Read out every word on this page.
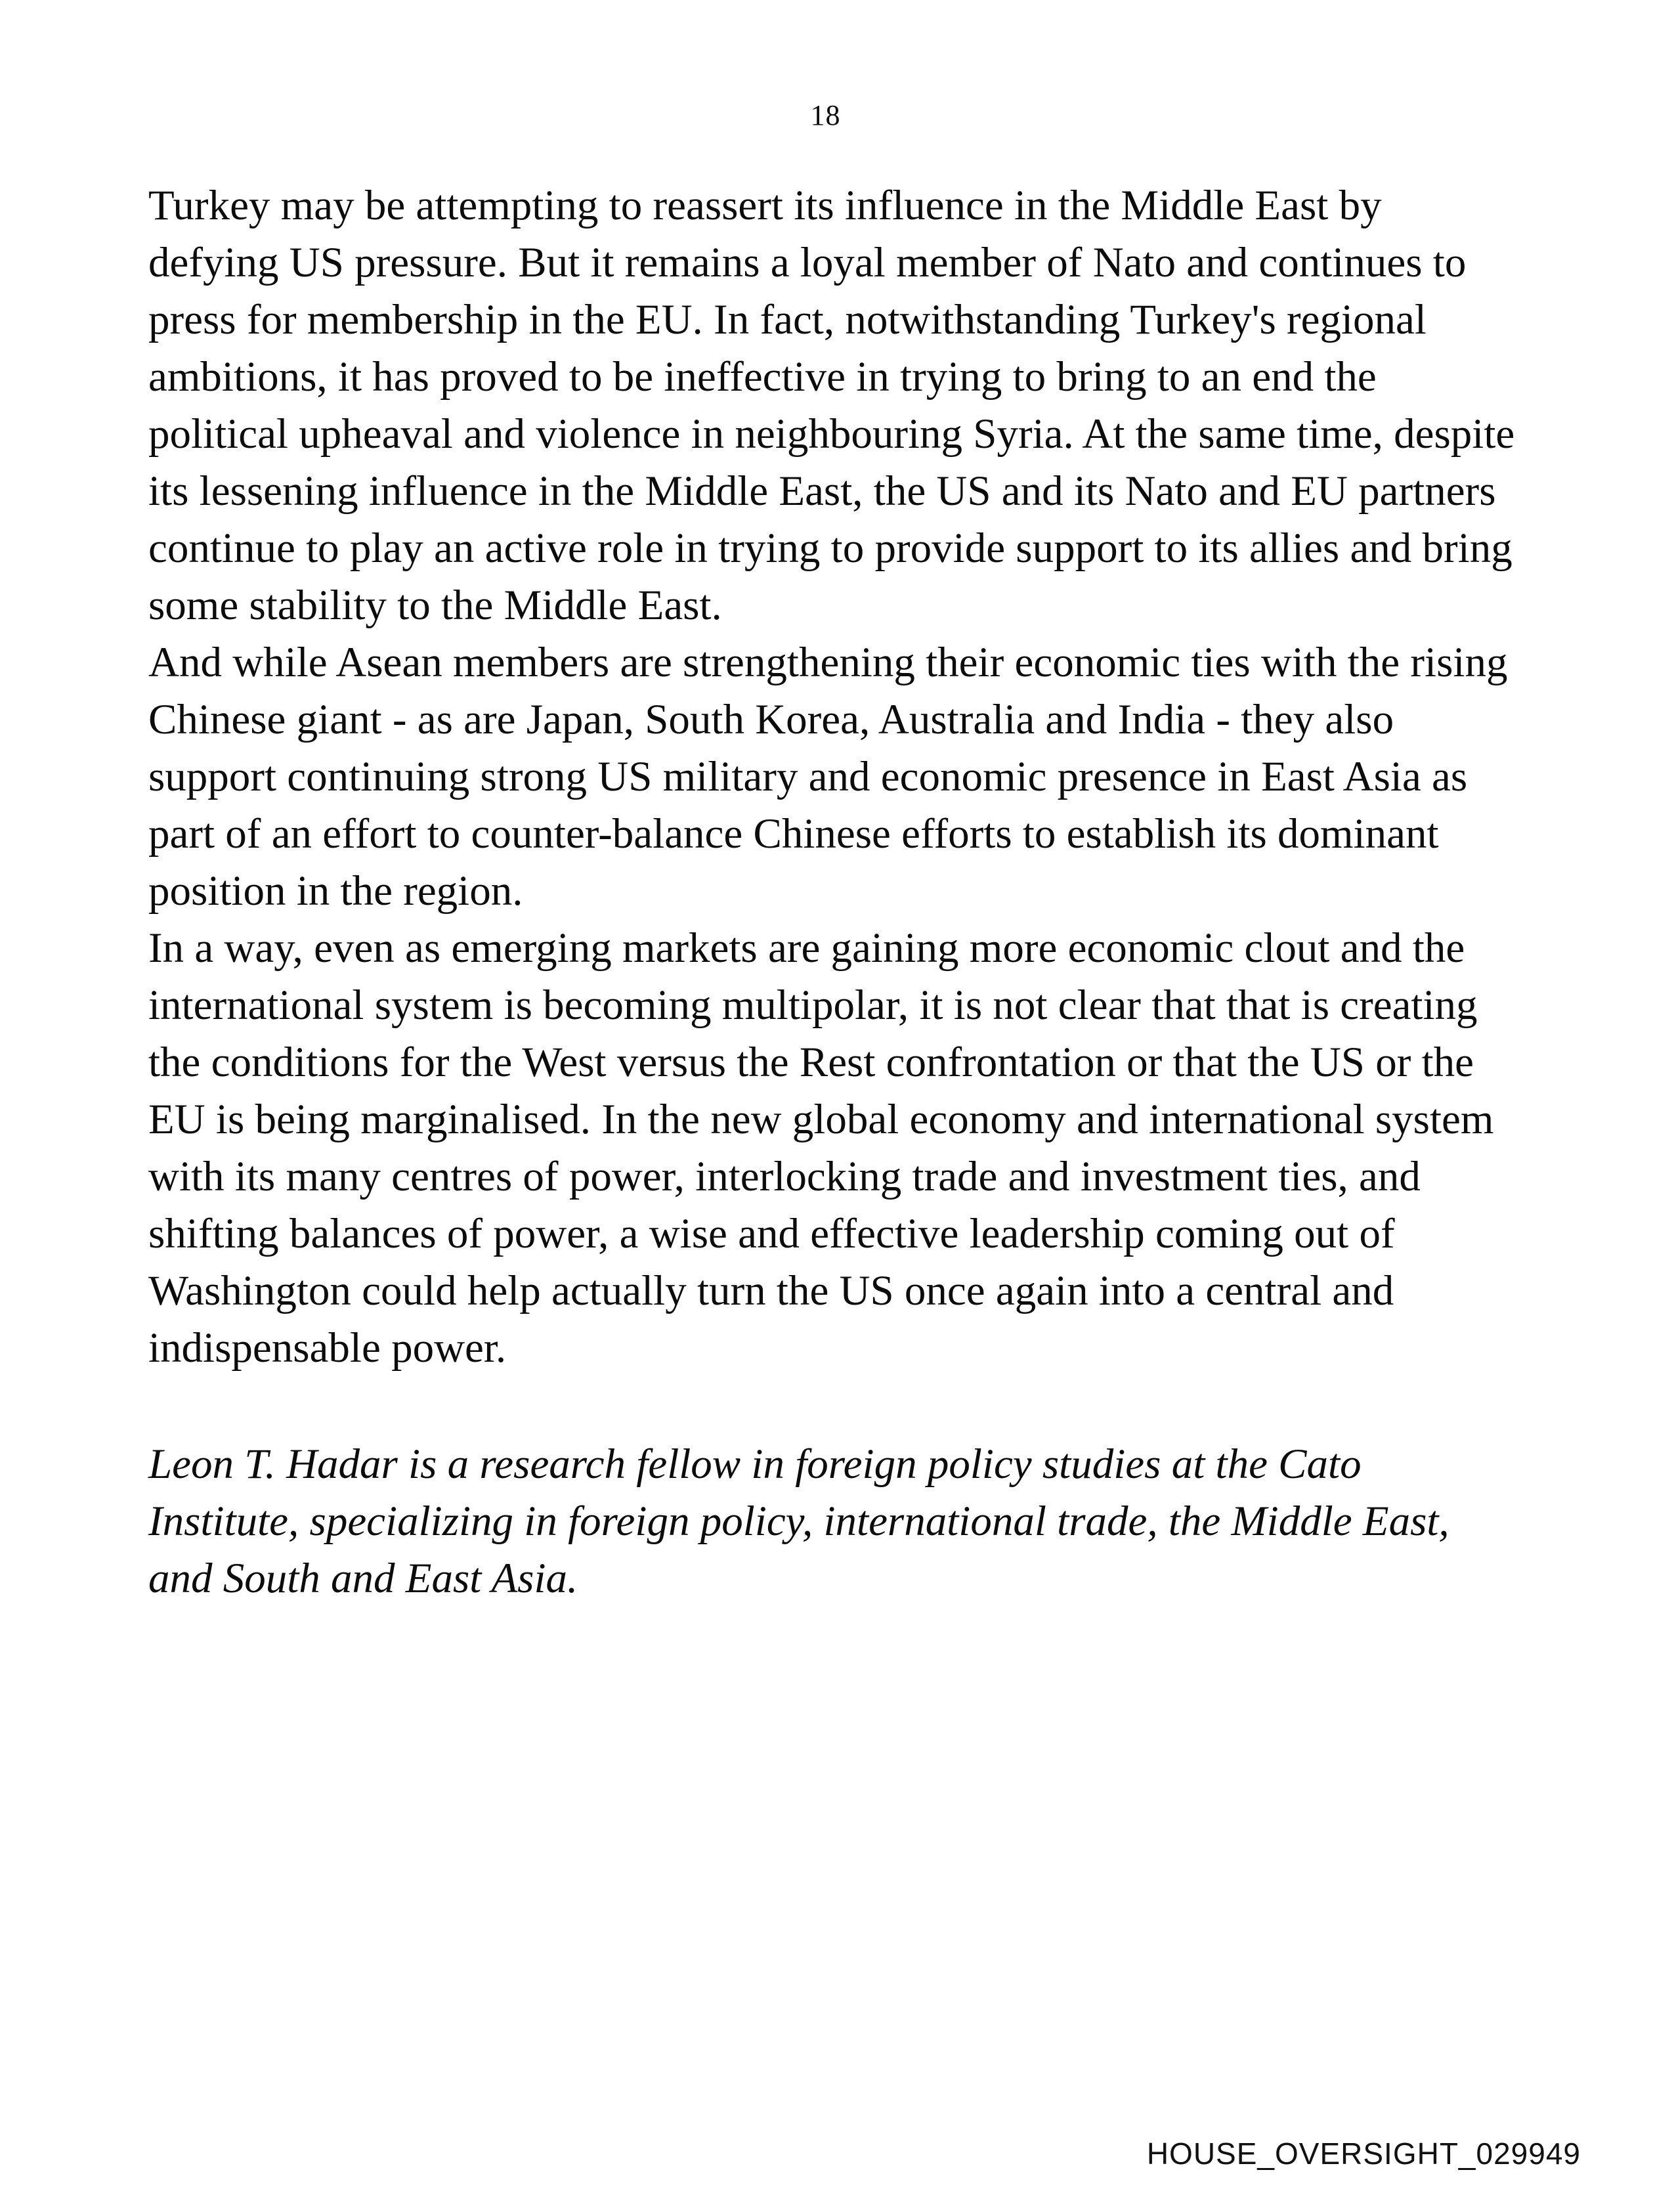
18

Turkey may be attempting to reassert its influence in the Middle East by defying US pressure. But it remains a loyal member of Nato and continues to press for membership in the EU. In fact, notwithstanding Turkey's regional ambitions, it has proved to be ineffective in trying to bring to an end the political upheaval and violence in neighbouring Syria. At the same time, despite its lessening influence in the Middle East, the US and its Nato and EU partners continue to play an active role in trying to provide support to its allies and bring some stability to the Middle East.

And while Asean members are strengthening their economic ties with the rising Chinese giant - as are Japan, South Korea, Australia and India - they also support continuing strong US military and economic presence in East Asia as part of an effort to counter-balance Chinese efforts to establish its dominant position in the region.

In a way, even as emerging markets are gaining more economic clout and the international system is becoming multipolar, it is not clear that that is creating the conditions for the West versus the Rest confrontation or that the US or the EU is being marginalised. In the new global economy and international system with its many centres of power, interlocking trade and investment ties, and shifting balances of power, a wise and effective leadership coming out of Washington could help actually turn the US once again into a central and indispensable power.

Leon T. Hadar is a research fellow in foreign policy studies at the Cato Institute, specializing in foreign policy, international trade, the Middle East, and South and East Asia.

HOUSE_OVERSIGHT_029949
